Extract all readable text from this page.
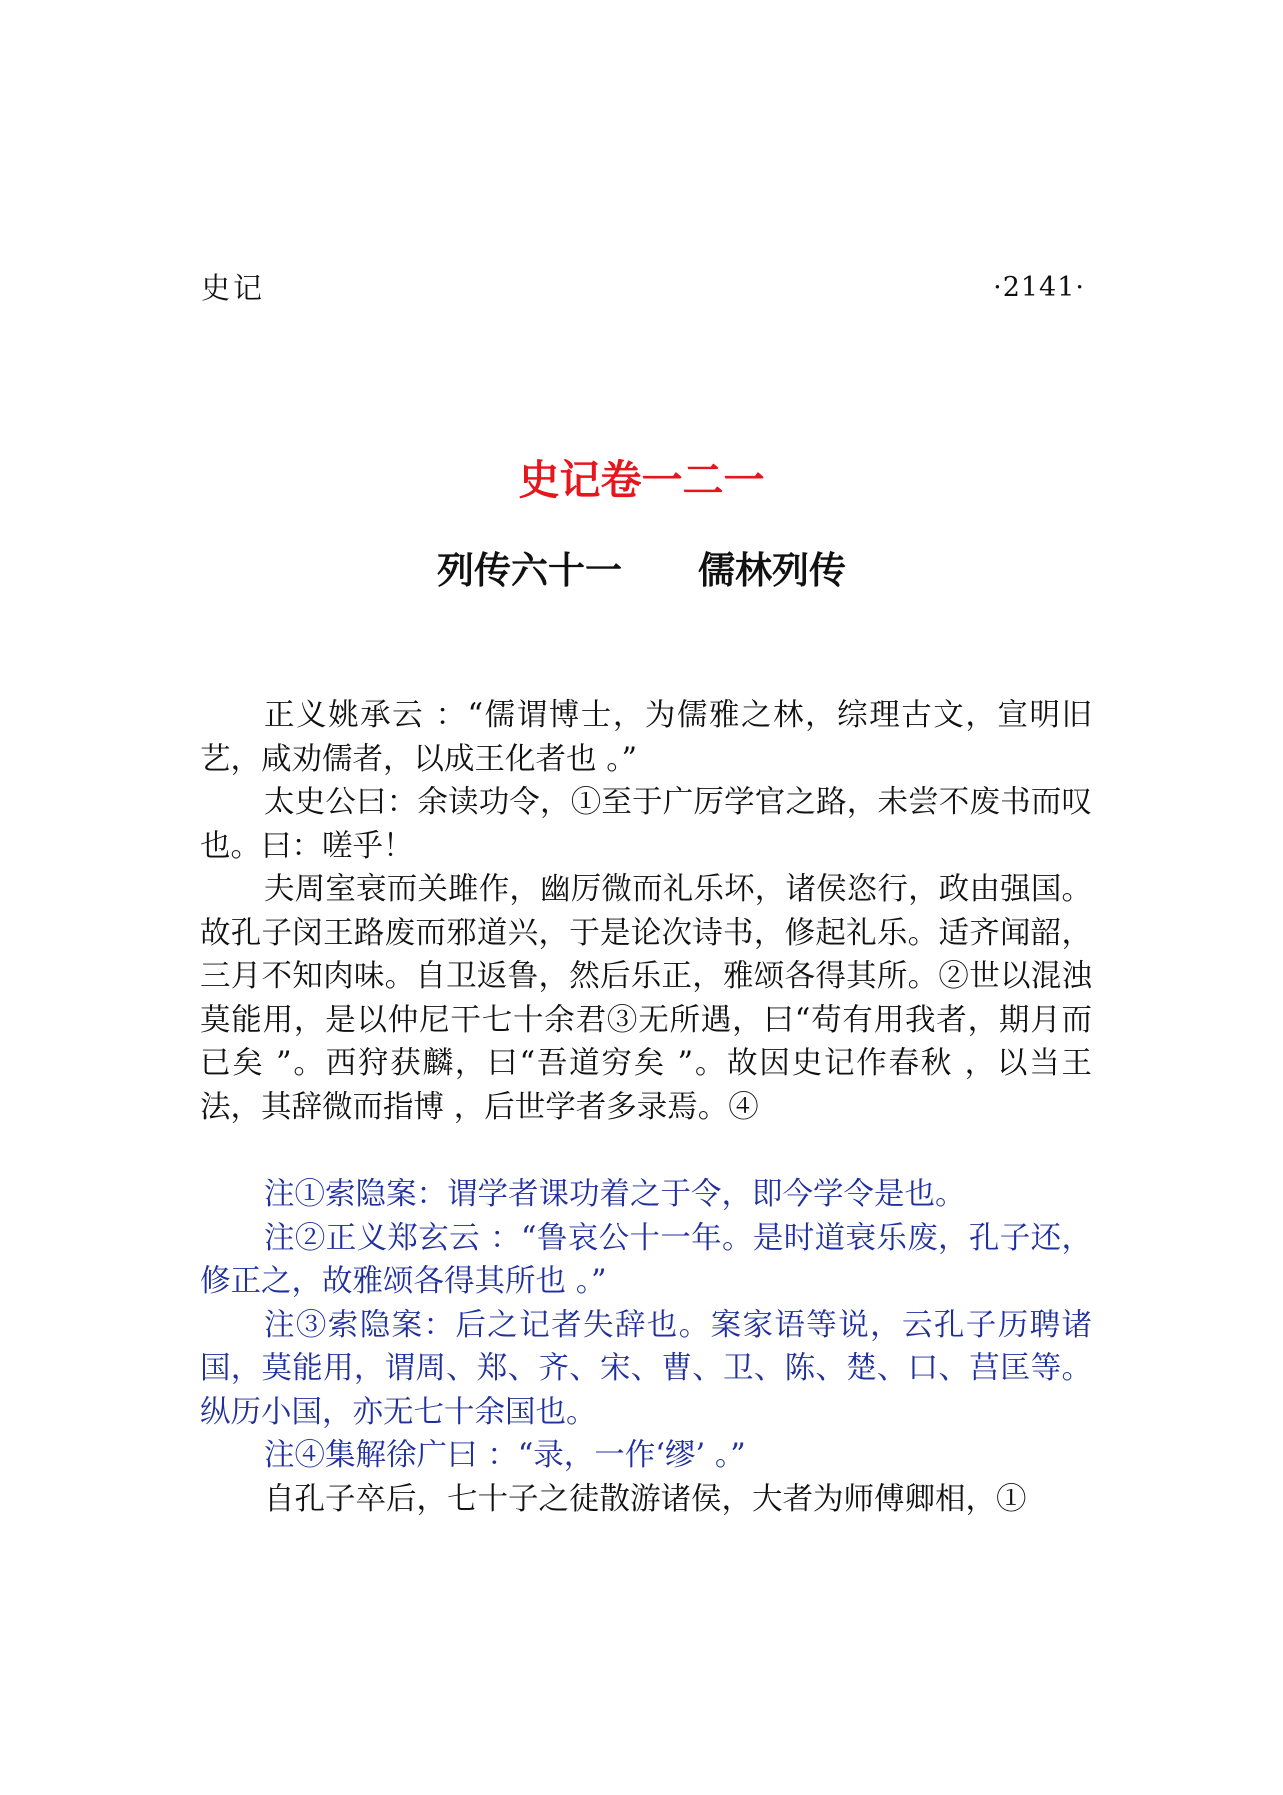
史记	·2141·
史记卷一二一
列传六十一 儒林列传

正义姚承云 ：“儒谓博士，为儒雅之林，综理古文，宣明旧艺，咸劝儒者，以成王化者也 。”

太史公曰：余读功令，①至于广厉学官之路，未尝不废书而叹也。曰：嗟乎！

夫周室衰而关雎作，幽厉微而礼乐坏，诸侯恣行，政由强国。故孔子闵王路废而邪道兴，于是论次诗书，修起礼乐。适齐闻韶，三月不知肉味。自卫返鲁，然后乐正，雅颂各得其所。②世以混浊莫能用，是以仲尼干七十余君③无所遇，曰“苟有用我者，期月而已矣 ”。西狩获麟，曰“吾道穷矣 ”。故因史记作春秋 ，以当王法，其辞微而指博 ，后世学者多录焉。④

注①索隐案：谓学者课功着之于令，即今学令是也。

注②正义郑玄云 ：“鲁哀公十一年。是时道衰乐废，孔子还，修正之，故雅颂各得其所也 。”

注③索隐案：后之记者失辞也。案家语等说，云孔子历聘诸国，莫能用，谓周、郑、齐、宋、曹、卫、陈、楚、口、莒匡等。纵历小国，亦无七十余国也。

注④集解徐广曰 ：“录，一作‘缪’ 。”

自孔子卒后，七十子之徒散游诸侯，大者为师傅卿相，①
